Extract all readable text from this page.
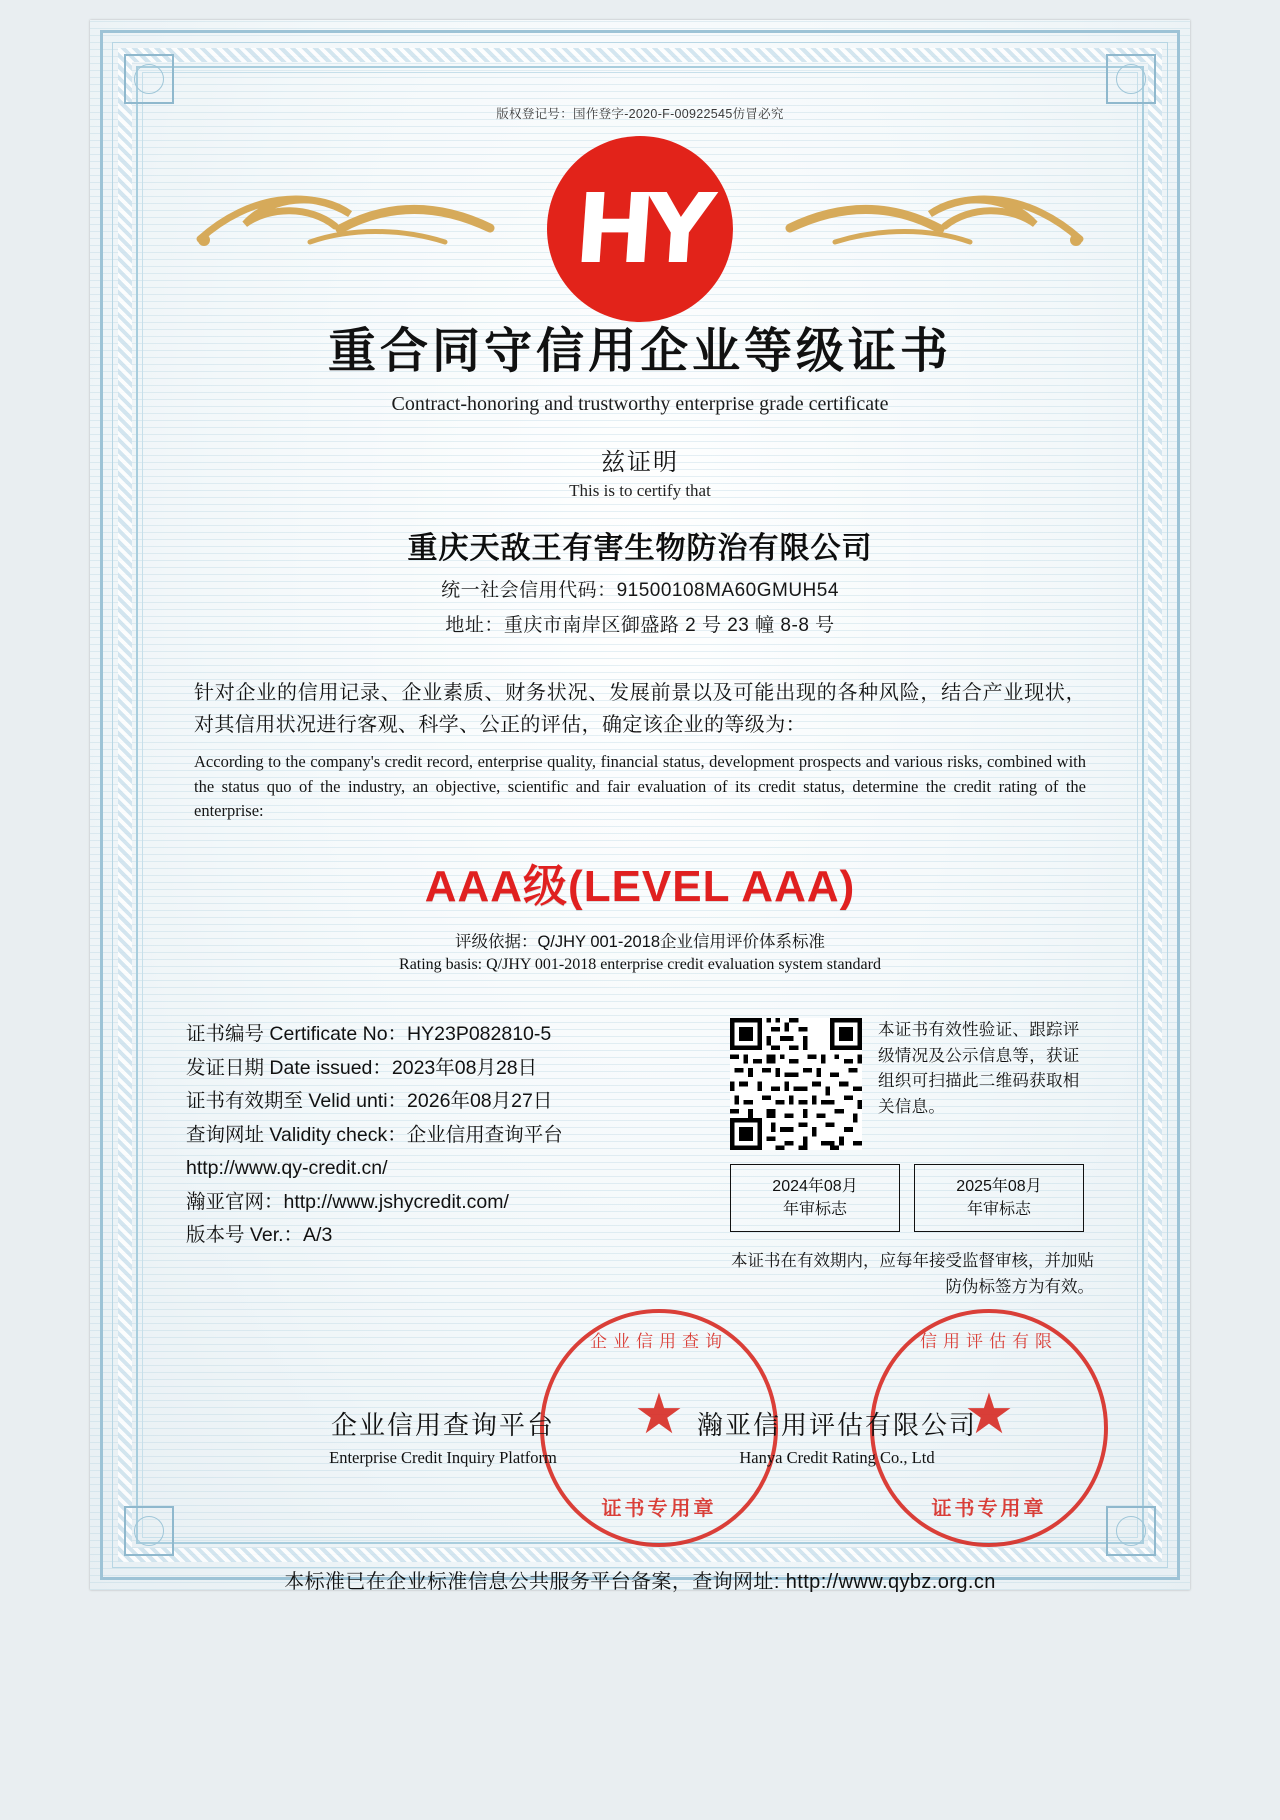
版权登记号：国作登字-2020-F-00922545仿冒必究
HY
重合同守信用企业等级证书
Contract-honoring and trustworthy enterprise grade certificate
兹证明
This is to certify that
重庆天敌王有害生物防治有限公司
统一社会信用代码：91500108MA60GMUH54
地址：重庆市南岸区御盛路 2 号 23 幢 8-8 号
针对企业的信用记录、企业素质、财务状况、发展前景以及可能出现的各种风险，结合产业现状，对其信用状况进行客观、科学、公正的评估，确定该企业的等级为：
According to the company's credit record, enterprise quality, financial status, development prospects and various risks, combined with the status quo of the industry, an objective, scientific and fair evaluation of its credit status, determine the credit rating of the enterprise:
AAA级(LEVEL AAA)
评级依据：Q/JHY 001-2018企业信用评价体系标准
Rating basis: Q/JHY 001-2018 enterprise credit evaluation system standard
证书编号 Certificate No：HY23P082810-5
发证日期 Date issued：2023年08月28日
证书有效期至 Velid unti：2026年08月27日
查询网址 Validity check：企业信用查询平台
http://www.qy-credit.cn/
瀚亚官网：http://www.jshycredit.com/
版本号 Ver.：A/3
本证书有效性验证、跟踪评级情况及公示信息等，获证组织可扫描此二维码获取相关信息。
2024年08月
年审标志
2025年08月
年审标志
本证书在有效期内，应每年接受监督审核，并加贴防伪标签方为有效。
企业信用查询
★
证书专用章
信用评估有限
★
证书专用章
企业信用查询平台
Enterprise Credit Inquiry Platform
瀚亚信用评估有限公司
Hanya Credit Rating Co., Ltd
本标准已在企业标准信息公共服务平台备案，查询网址: http://www.qybz.org.cn
